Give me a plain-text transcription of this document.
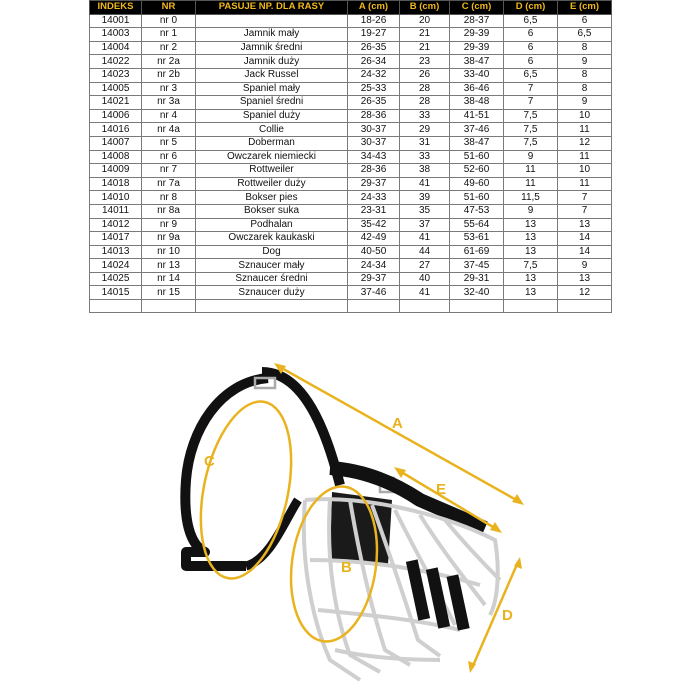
INDEKS	NR	PASUJE NP. DLA RASY	A (cm)	B (cm)	C (cm)	D (cm)	E (cm)
14001	nr 0		18-26	20	28-37	6,5	6
14003	nr 1	Jamnik mały	19-27	21	29-39	6	6,5
14004	nr 2	Jamnik średni	26-35	21	29-39	6	8
14022	nr 2a	Jamnik duży	26-34	23	38-47	6	9
14023	nr 2b	Jack Russel	24-32	26	33-40	6,5	8
14005	nr 3	Spaniel mały	25-33	28	36-46	7	8
14021	nr 3a	Spaniel średni	26-35	28	38-48	7	9
14006	nr 4	Spaniel duży	28-36	33	41-51	7,5	10
14016	nr 4a	Collie	30-37	29	37-46	7,5	11
14007	nr 5	Doberman	30-37	31	38-47	7,5	12
14008	nr 6	Owczarek niemiecki	34-43	33	51-60	9	11
14009	nr 7	Rottweiler	28-36	38	52-60	11	10
14018	nr 7a	Rottweiler duży	29-37	41	49-60	11	11
14010	nr 8	Bokser pies	24-33	39	51-60	11,5	7
14011	nr 8a	Bokser suka	23-31	35	47-53	9	7
14012	nr 9	Podhalan	35-42	37	55-64	13	13
14017	nr 9a	Owczarek kaukaski	42-49	41	53-61	13	14
14013	nr 10	Dog	40-50	44	61-69	13	14
14024	nr 13	Sznaucer mały	24-34	27	37-45	7,5	9
14025	nr 14	Sznaucer średni	29-37	40	29-31	13	13
14015	nr 15	Sznaucer duży	37-46	41	32-40	13	12

A
C
E
B
D
